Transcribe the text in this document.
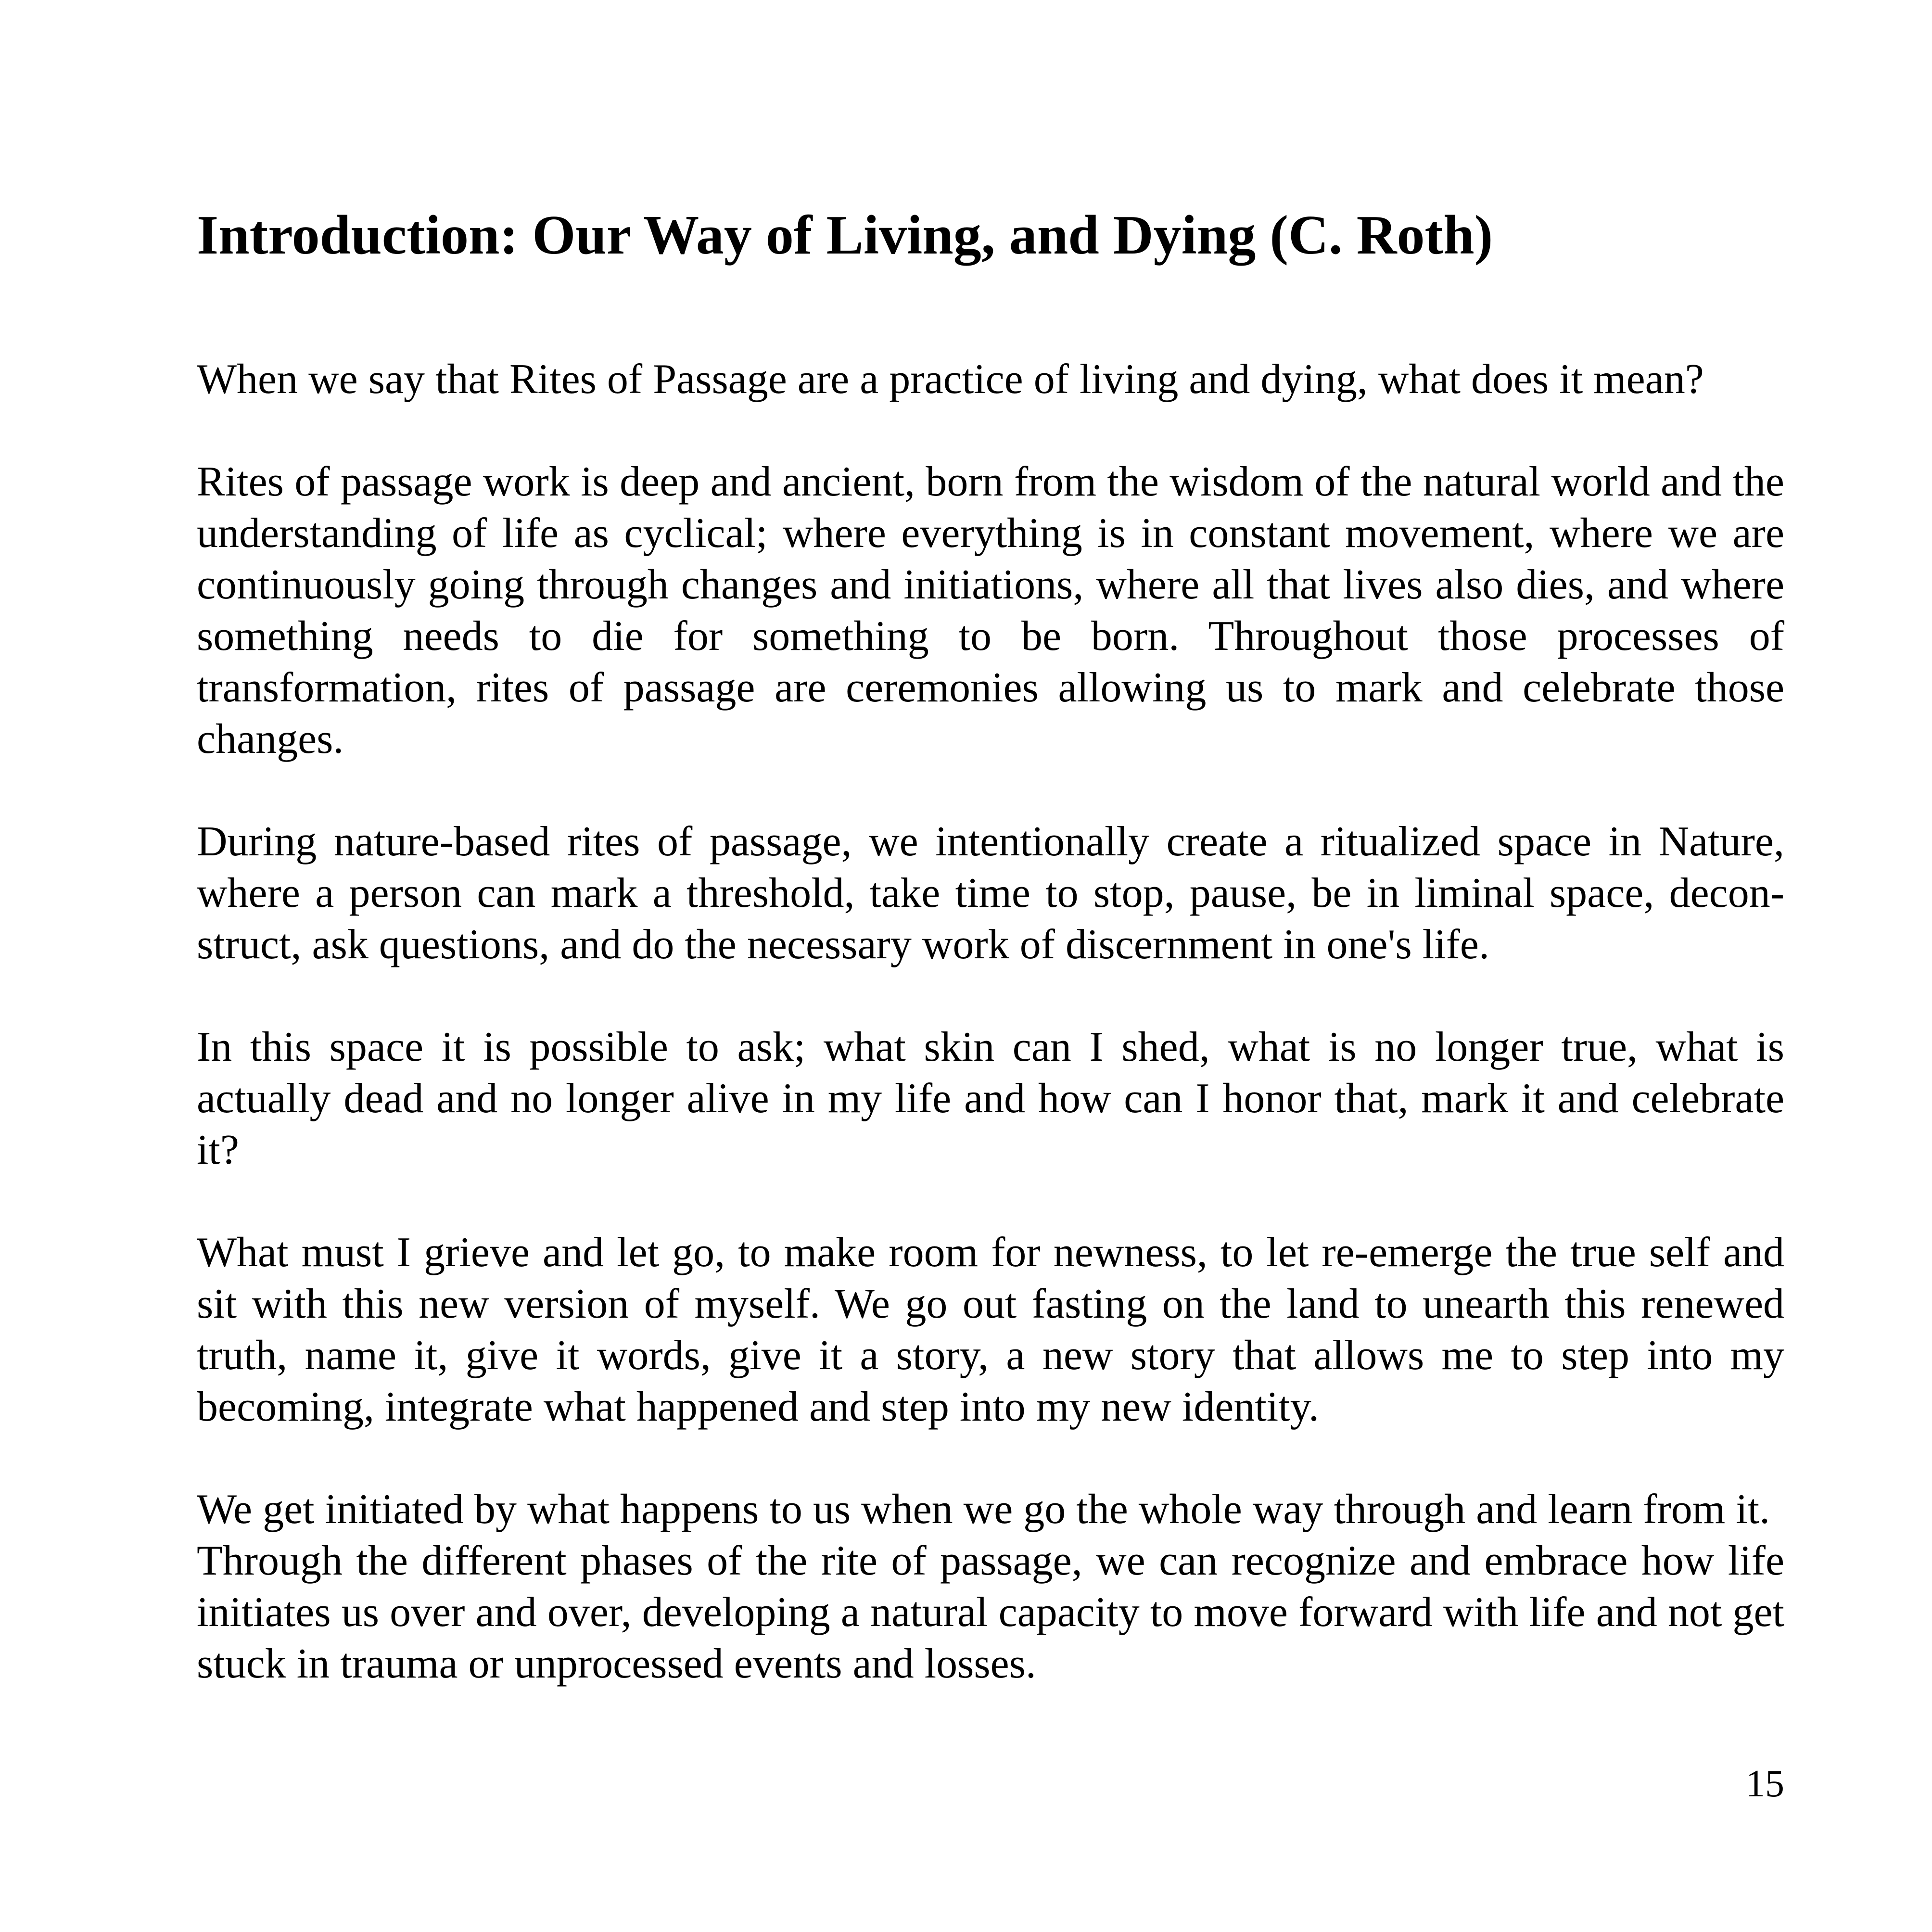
Introduction: Our Way of Living, and Dying (C. Roth)

When we say that Rites of Passage are a practice of living and dying, what does it mean?

Rites of passage work is deep and ancient, born from the wisdom of the natural world and the understanding of life as cyclical; where everything is in constant movement, where we are continuously going through changes and initiations, where all that lives also dies, and where something needs to die for something to be born. Throughout those processes of transformation, rites of passage are ceremonies allowing us to mark and celebrate those changes.

During nature-based rites of passage, we intentionally create a ritualized space in Nature, where a person can mark a threshold, take time to stop, pause, be in liminal space, decon-struct, ask questions, and do the necessary work of discernment in one's life.

In this space it is possible to ask; what skin can I shed, what is no longer true, what is actually dead and no longer alive in my life and how can I honor that, mark it and celebrate it?

What must I grieve and let go, to make room for newness, to let re-emerge the true self and sit with this new version of myself. We go out fasting on the land to unearth this renewed truth, name it, give it words, give it a story, a new story that allows me to step into my becoming, integrate what happened and step into my new identity.

We get initiated by what happens to us when we go the whole way through and learn from it.

Through the different phases of the rite of passage, we can recognize and embrace how life initiates us over and over, developing a natural capacity to move forward with life and not get stuck in trauma or unprocessed events and losses.

15
